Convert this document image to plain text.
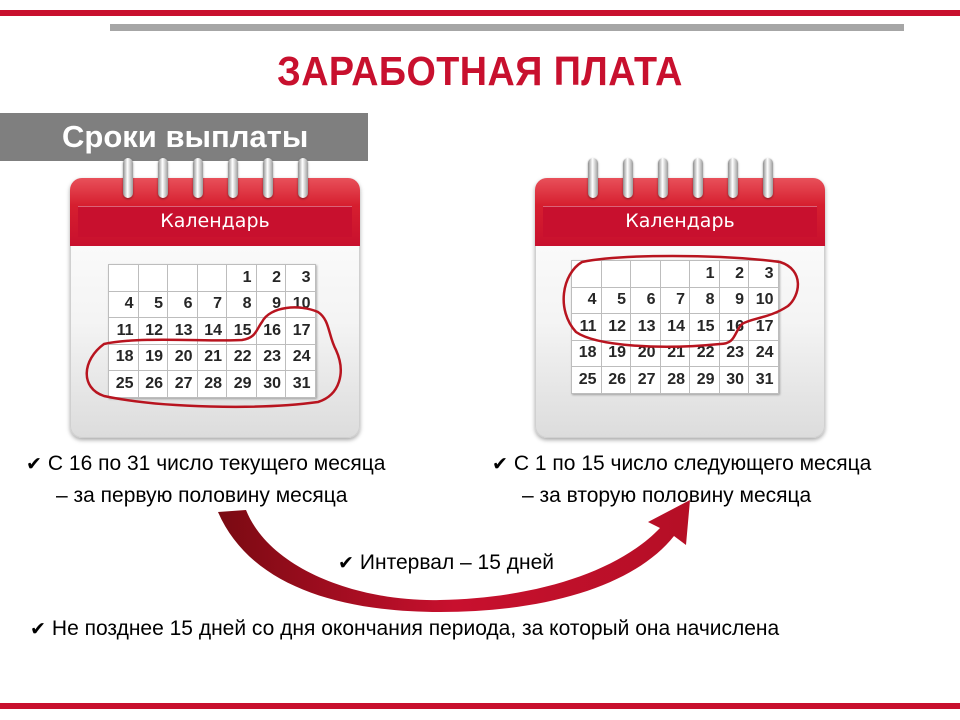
ЗАРАБОТНАЯ ПЛАТА
Сроки выплаты
Календарь
				1	2	3
4	5	6	7	8	9	10
11	12	13	14	15	16	17
18	19	20	21	22	23	24
25	26	27	28	29	30	31
Календарь
				1	2	3
4	5	6	7	8	9	10
11	12	13	14	15	16	17
18	19	20	21	22	23	24
25	26	27	28	29	30	31
✔ С 16 по 31 число текущего месяца
– за первую половину месяца
✔ С 1 по 15 число следующего месяца
– за вторую половину месяца
✔ Интервал – 15 дней
✔ Не позднее 15 дней со дня окончания периода, за который она начислена
